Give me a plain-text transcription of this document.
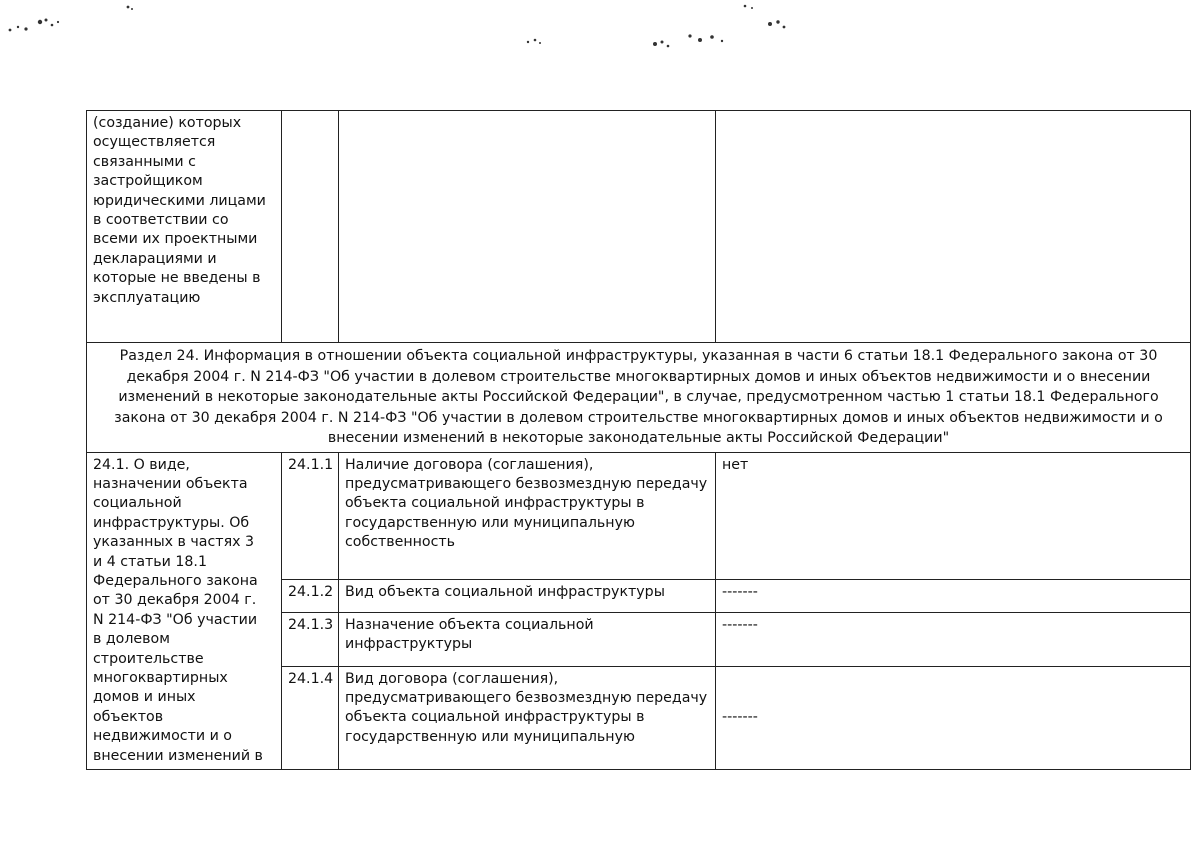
(создание) которых осуществляется связанными с застройщиком юридическими лицами в соответствии со всеми их проектными декларациями и которые не введены в эксплуатацию			
Раздел 24. Информация в отношении объекта социальной инфраструктуры, указанная в части 6 статьи 18.1 Федерального закона от 30 декабря 2004 г. N 214-ФЗ "Об участии в долевом строительстве многоквартирных домов и иных объектов недвижимости и о внесении изменений в некоторые законодательные акты Российской Федерации", в случае, предусмотренном частью 1 статьи 18.1 Федерального закона от 30 декабря 2004 г. N 214-ФЗ "Об участии в долевом строительстве многоквартирных домов и иных объектов недвижимости и о внесении изменений в некоторые законодательные акты Российской Федерации"			
24.1. О виде, назначении объекта социальной инфраструктуры. Об указанных в частях 3 и 4 статьи 18.1 Федерального закона от 30 декабря 2004 г. N 214-ФЗ "Об участии в долевом строительстве многоквартирных домов и иных объектов недвижимости и о внесении изменений в	24.1.1	Наличие договора (соглашения), предусматривающего безвозмездную передачу объекта социальной инфраструктуры в государственную или муниципальную собственность	нет
	24.1.2	Вид объекта социальной инфраструктуры	-------
	24.1.3	Назначение объекта социальной инфраструктуры	-------
	24.1.4	Вид договора (соглашения), предусматривающего безвозмездную передачу объекта социальной инфраструктуры в государственную или муниципальную	-------
